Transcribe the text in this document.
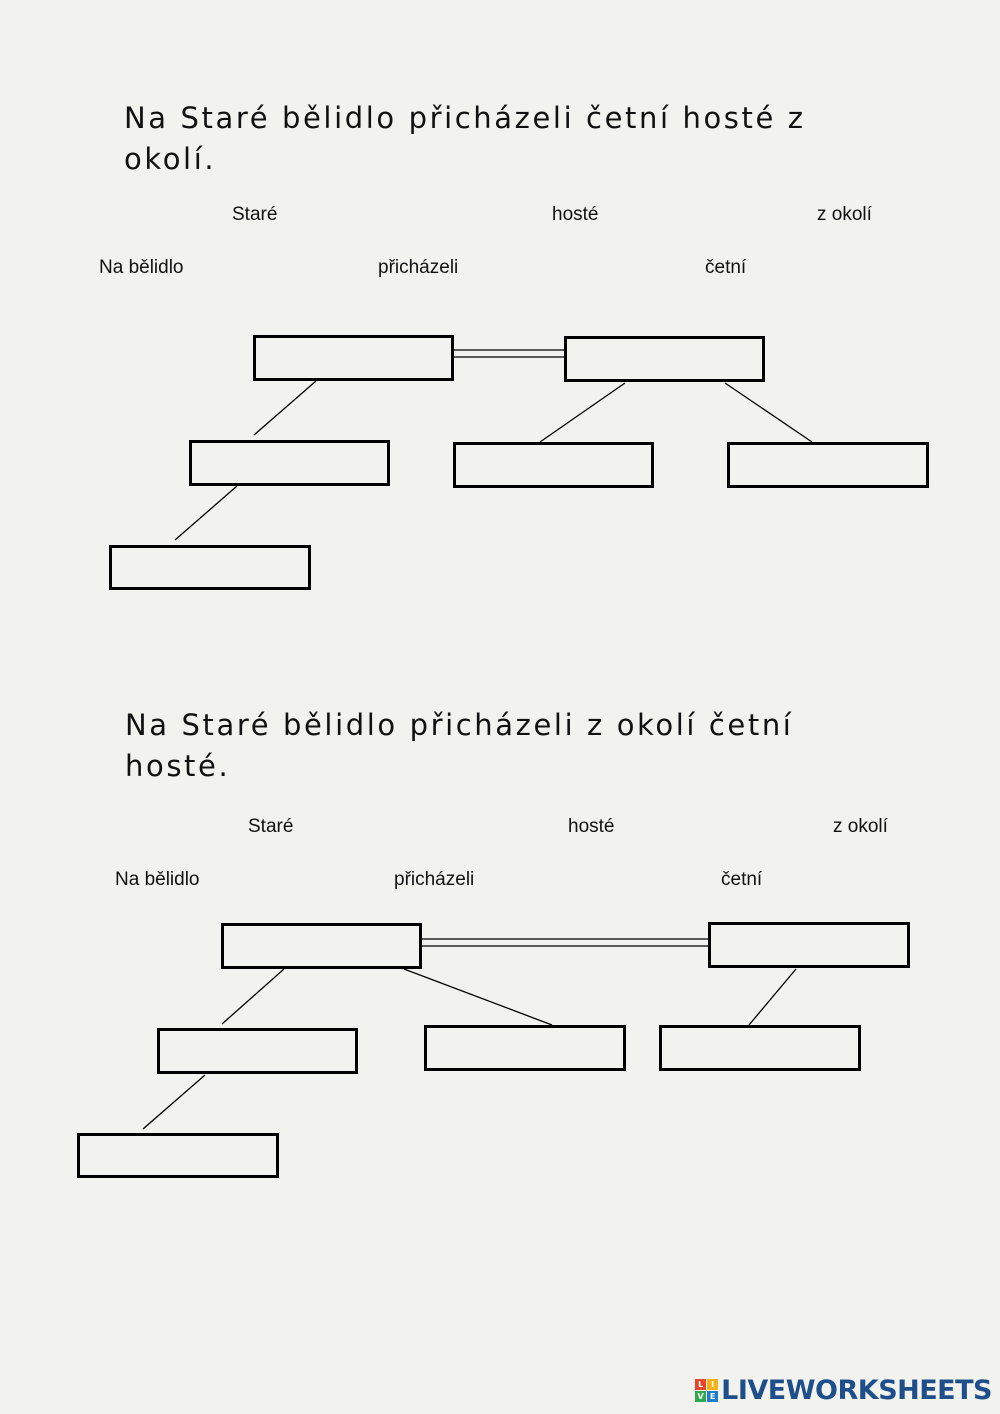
Na Staré bělidlo přicházeli četní hosté z okolí.

Staré	hosté	z okolí
Na bělidlo	přicházeli	četní

Na Staré bělidlo přicházeli z okolí četní hosté.

Staré	hosté	z okolí
Na bělidlo	přicházeli	četní
L I
V E LIVEWORKSHEETS
